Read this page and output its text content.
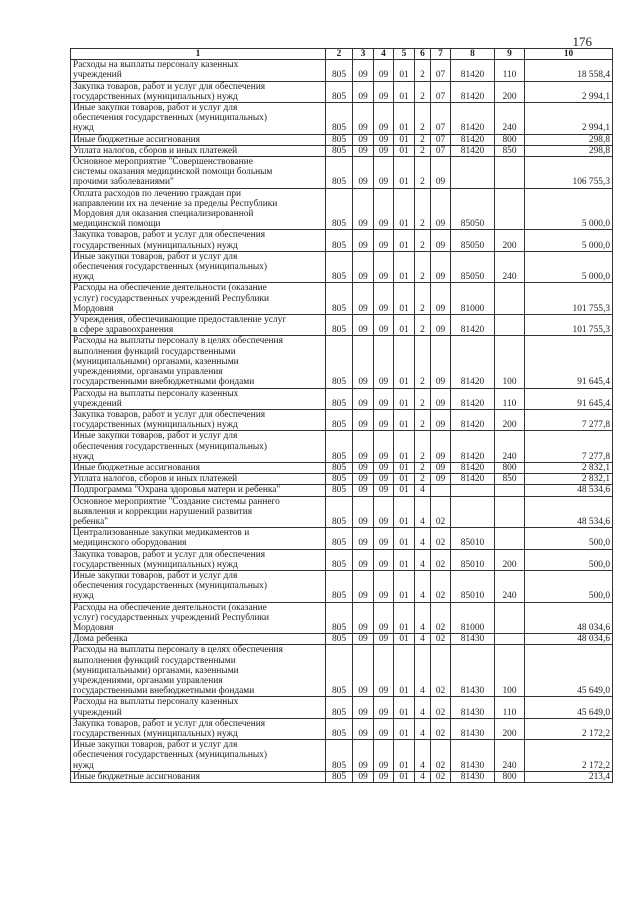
176
1	2	3	4	5	6	7	8	9	10
Расходы на выплаты персоналу казенных
учреждений	805	09	09	01	2	07	81420	110	18 558,4
Закупка товаров, работ и услуг для обеспечения
государственных (муниципальных) нужд	805	09	09	01	2	07	81420	200	2 994,1
Иные закупки товаров, работ и услуг для
обеспечения государственных (муниципальных)
нужд	805	09	09	01	2	07	81420	240	2 994,1
Иные бюджетные ассигнования	805	09	09	01	2	07	81420	800	298,8
Уплата налогов, сборов и иных платежей	805	09	09	01	2	07	81420	850	298,8
Основное мероприятие "Совершенствование
системы оказания медицинской помощи больным
прочими заболеваниями"	805	09	09	01	2	09			106 755,3
Оплата расходов по лечению граждан при
направлении их на лечение за пределы Республики
Мордовия для оказания специализированной
медицинской помощи	805	09	09	01	2	09	85050		5 000,0
Закупка товаров, работ и услуг для обеспечения
государственных (муниципальных) нужд	805	09	09	01	2	09	85050	200	5 000,0
Иные закупки товаров, работ и услуг для
обеспечения государственных (муниципальных)
нужд	805	09	09	01	2	09	85050	240	5 000,0
Расходы на обеспечение деятельности (оказание
услуг) государственных учреждений Республики
Мордовия	805	09	09	01	2	09	81000		101 755,3
Учреждения, обеспечивающие предоставление услуг
в сфере здравоохранения	805	09	09	01	2	09	81420		101 755,3
Расходы на выплаты персоналу в целях обеспечения
выполнения функций государственными
(муниципальными) органами, казенными
учреждениями, органами управления
государственными внебюджетными фондами	805	09	09	01	2	09	81420	100	91 645,4
Расходы на выплаты персоналу казенных
учреждений	805	09	09	01	2	09	81420	110	91 645,4
Закупка товаров, работ и услуг для обеспечения
государственных (муниципальных) нужд	805	09	09	01	2	09	81420	200	7 277,8
Иные закупки товаров, работ и услуг для
обеспечения государственных (муниципальных)
нужд	805	09	09	01	2	09	81420	240	7 277,8
Иные бюджетные ассигнования	805	09	09	01	2	09	81420	800	2 832,1
Уплата налогов, сборов и иных платежей	805	09	09	01	2	09	81420	850	2 832,1
Подпрограмма "Охрана здоровья матери и ребенка"	805	09	09	01	4				48 534,6
Основное мероприятие "Создание системы раннего
выявления и коррекции нарушений развития
ребенка"	805	09	09	01	4	02			48 534,6
Централизованные закупки медикаментов и
медицинского оборудования	805	09	09	01	4	02	85010		500,0
Закупка товаров, работ и услуг для обеспечения
государственных (муниципальных) нужд	805	09	09	01	4	02	85010	200	500,0
Иные закупки товаров, работ и услуг для
обеспечения государственных (муниципальных)
нужд	805	09	09	01	4	02	85010	240	500,0
Расходы на обеспечение деятельности (оказание
услуг) государственных учреждений Республики
Мордовия	805	09	09	01	4	02	81000		48 034,6
Дома ребенка	805	09	09	01	4	02	81430		48 034,6
Расходы на выплаты персоналу в целях обеспечения
выполнения функций государственными
(муниципальными) органами, казенными
учреждениями, органами управления
государственными внебюджетными фондами	805	09	09	01	4	02	81430	100	45 649,0
Расходы на выплаты персоналу казенных
учреждений	805	09	09	01	4	02	81430	110	45 649,0
Закупка товаров, работ и услуг для обеспечения
государственных (муниципальных) нужд	805	09	09	01	4	02	81430	200	2 172,2
Иные закупки товаров, работ и услуг для
обеспечения государственных (муниципальных)
нужд	805	09	09	01	4	02	81430	240	2 172,2
Иные бюджетные ассигнования	805	09	09	01	4	02	81430	800	213,4
